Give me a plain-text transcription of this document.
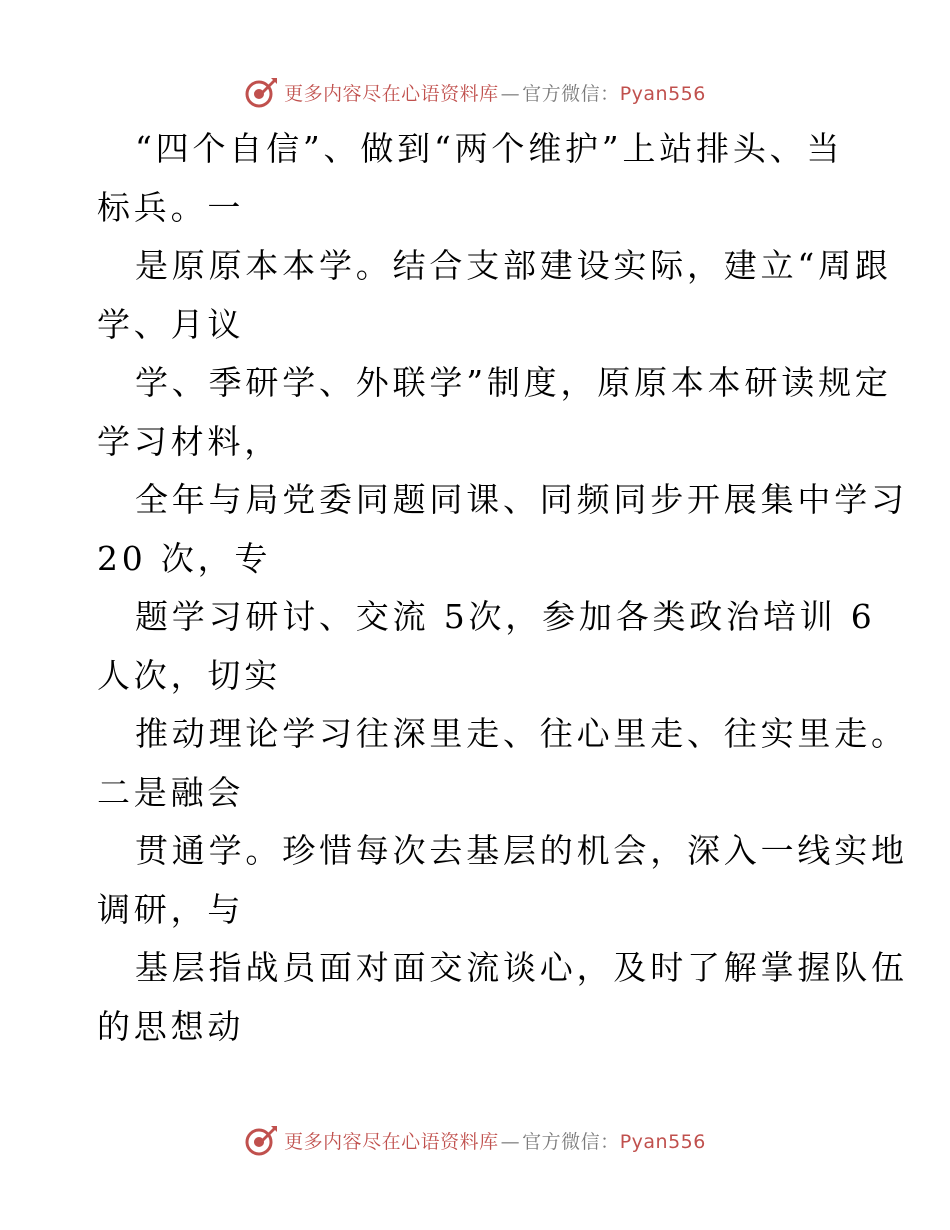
更多内容尽在心语资料库 — 官方微信：Pyan556
“四个自信”、做到“两个维护”上站排头、当
标兵。一
是原原本本学。结合支部建设实际，建立“周跟
学、月议
学、季研学、外联学”制度，原原本本研读规定
学习材料，
全年与局党委同题同课、同频同步开展集中学习
20 次，专
题学习研讨、交流 5次，参加各类政治培训 6
人次，切实
推动理论学习往深里走、往心里走、往实里走。
二是融会
贯通学。珍惜每次去基层的机会，深入一线实地
调研，与
基层指战员面对面交流谈心，及时了解掌握队伍
的思想动
更多内容尽在心语资料库 — 官方微信：Pyan556
